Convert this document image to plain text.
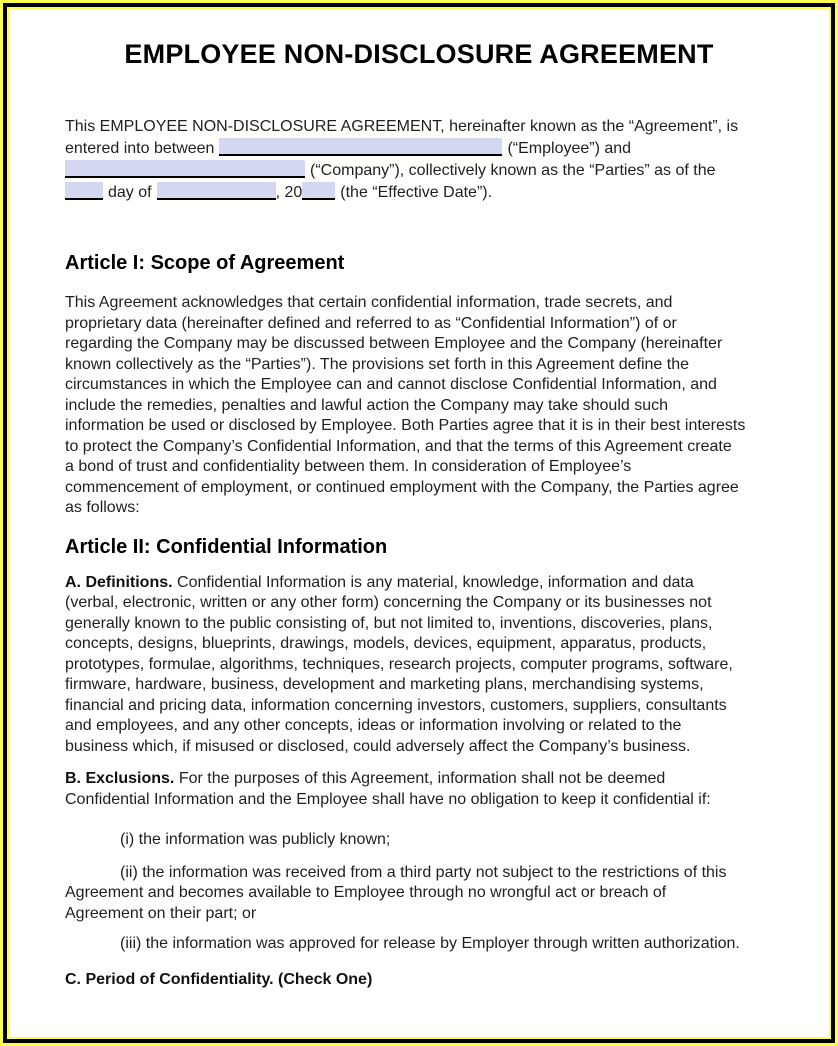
EMPLOYEE NON-DISCLOSURE AGREEMENT

This EMPLOYEE NON-DISCLOSURE AGREEMENT, hereinafter known as the “Agreement”, is
entered into between	(“Employee”) and
(“Company”), collectively known as the “Parties” as of the
day of	, 20 (the “Effective Date”).

Article I: Scope of Agreement

This Agreement acknowledges that certain confidential information, trade secrets, and
proprietary data (hereinafter defined and referred to as “Confidential Information”) of or
regarding the Company may be discussed between Employee and the Company (hereinafter
known collectively as the “Parties”). The provisions set forth in this Agreement define the
circumstances in which the Employee can and cannot disclose Confidential Information, and
include the remedies, penalties and lawful action the Company may take should such
information be used or disclosed by Employee. Both Parties agree that it is in their best interests
to protect the Company’s Confidential Information, and that the terms of this Agreement create
a bond of trust and confidentiality between them. In consideration of Employee’s
commencement of employment, or continued employment with the Company, the Parties agree
as follows:

Article II: Confidential Information

A. Definitions. Confidential Information is any material, knowledge, information and data
(verbal, electronic, written or any other form) concerning the Company or its businesses not
generally known to the public consisting of, but not limited to, inventions, discoveries, plans,
concepts, designs, blueprints, drawings, models, devices, equipment, apparatus, products,
prototypes, formulae, algorithms, techniques, research projects, computer programs, software,
firmware, hardware, business, development and marketing plans, merchandising systems,
financial and pricing data, information concerning investors, customers, suppliers, consultants
and employees, and any other concepts, ideas or information involving or related to the
business which, if misused or disclosed, could adversely affect the Company’s business.

B. Exclusions. For the purposes of this Agreement, information shall not be deemed
Confidential Information and the Employee shall have no obligation to keep it confidential if:

(i) the information was publicly known;

(ii) the information was received from a third party not subject to the restrictions of this
Agreement and becomes available to Employee through no wrongful act or breach of
Agreement on their part; or

(iii) the information was approved for release by Employer through written authorization.

C. Period of Confidentiality. (Check One)
